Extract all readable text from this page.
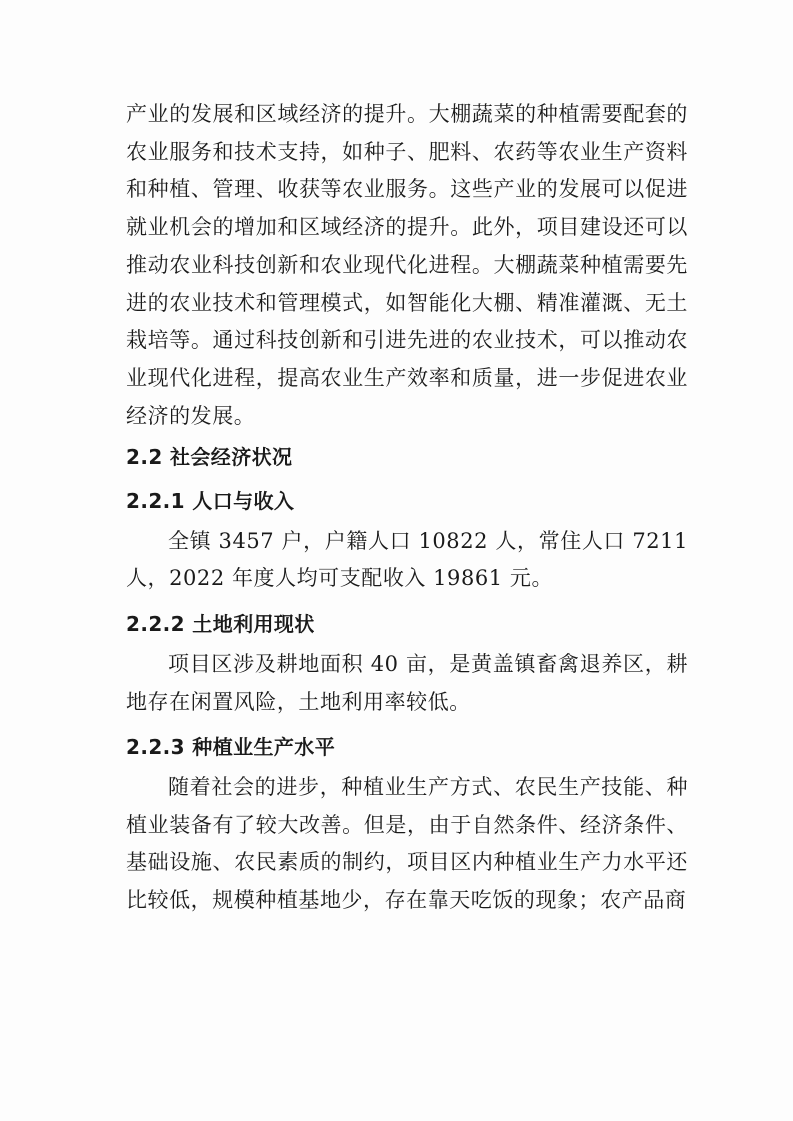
产业的发展和区域经济的提升。大棚蔬菜的种植需要配套的农业服务和技术支持，如种子、肥料、农药等农业生产资料和种植、管理、收获等农业服务。这些产业的发展可以促进就业机会的增加和区域经济的提升。此外，项目建设还可以推动农业科技创新和农业现代化进程。大棚蔬菜种植需要先进的农业技术和管理模式，如智能化大棚、精准灌溉、无土栽培等。通过科技创新和引进先进的农业技术，可以推动农业现代化进程，提高农业生产效率和质量，进一步促进农业经济的发展。

2.2 社会经济状况
2.2.1 人口与收入

全镇 3457 户，户籍人口 10822 人，常住人口 7211 人，2022 年度人均可支配收入 19861 元。

2.2.2 土地利用现状

项目区涉及耕地面积 40 亩，是黄盖镇畜禽退养区，耕地存在闲置风险，土地利用率较低。

2.2.3 种植业生产水平

随着社会的进步，种植业生产方式、农民生产技能、种植业装备有了较大改善。但是，由于自然条件、经济条件、基础设施、农民素质的制约，项目区内种植业生产力水平还比较低，规模种植基地少，存在靠天吃饭的现象；农产品商
